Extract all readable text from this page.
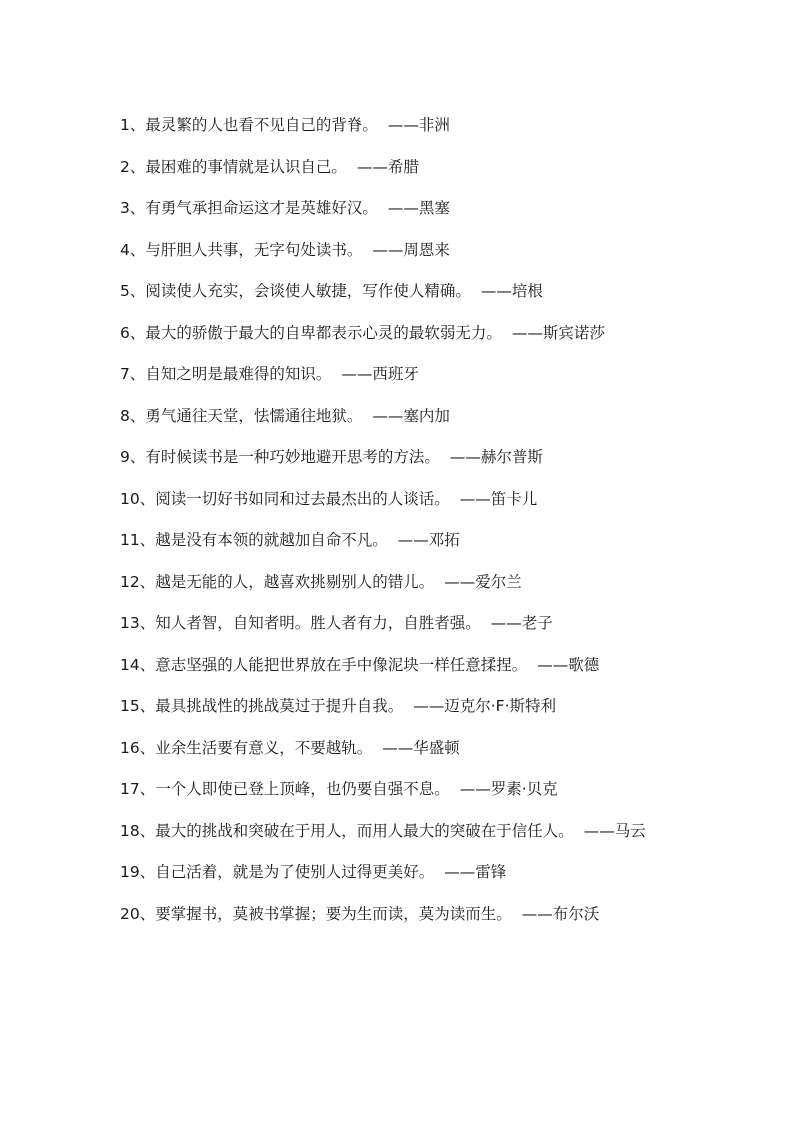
1、最灵繁的人也看不见自己的背脊。 ——非洲
2、最困难的事情就是认识自己。 ——希腊
3、有勇气承担命运这才是英雄好汉。 ——黑塞
4、与肝胆人共事，无字句处读书。 ——周恩来
5、阅读使人充实，会谈使人敏捷，写作使人精确。 ——培根
6、最大的骄傲于最大的自卑都表示心灵的最软弱无力。 ——斯宾诺莎
7、自知之明是最难得的知识。 ——西班牙
8、勇气通往天堂，怯懦通往地狱。 ——塞内加
9、有时候读书是一种巧妙地避开思考的方法。 ——赫尔普斯
10、阅读一切好书如同和过去最杰出的人谈话。 ——笛卡儿
11、越是没有本领的就越加自命不凡。 ——邓拓
12、越是无能的人，越喜欢挑剔别人的错儿。 ——爱尔兰
13、知人者智，自知者明。胜人者有力，自胜者强。 ——老子
14、意志坚强的人能把世界放在手中像泥块一样任意揉捏。 ——歌德
15、最具挑战性的挑战莫过于提升自我。 ——迈克尔·F·斯特利
16、业余生活要有意义，不要越轨。 ——华盛顿
17、一个人即使已登上顶峰，也仍要自强不息。 ——罗素·贝克
18、最大的挑战和突破在于用人，而用人最大的突破在于信任人。 ——马云
19、自己活着，就是为了使别人过得更美好。 ——雷锋
20、要掌握书，莫被书掌握；要为生而读，莫为读而生。 ——布尔沃
